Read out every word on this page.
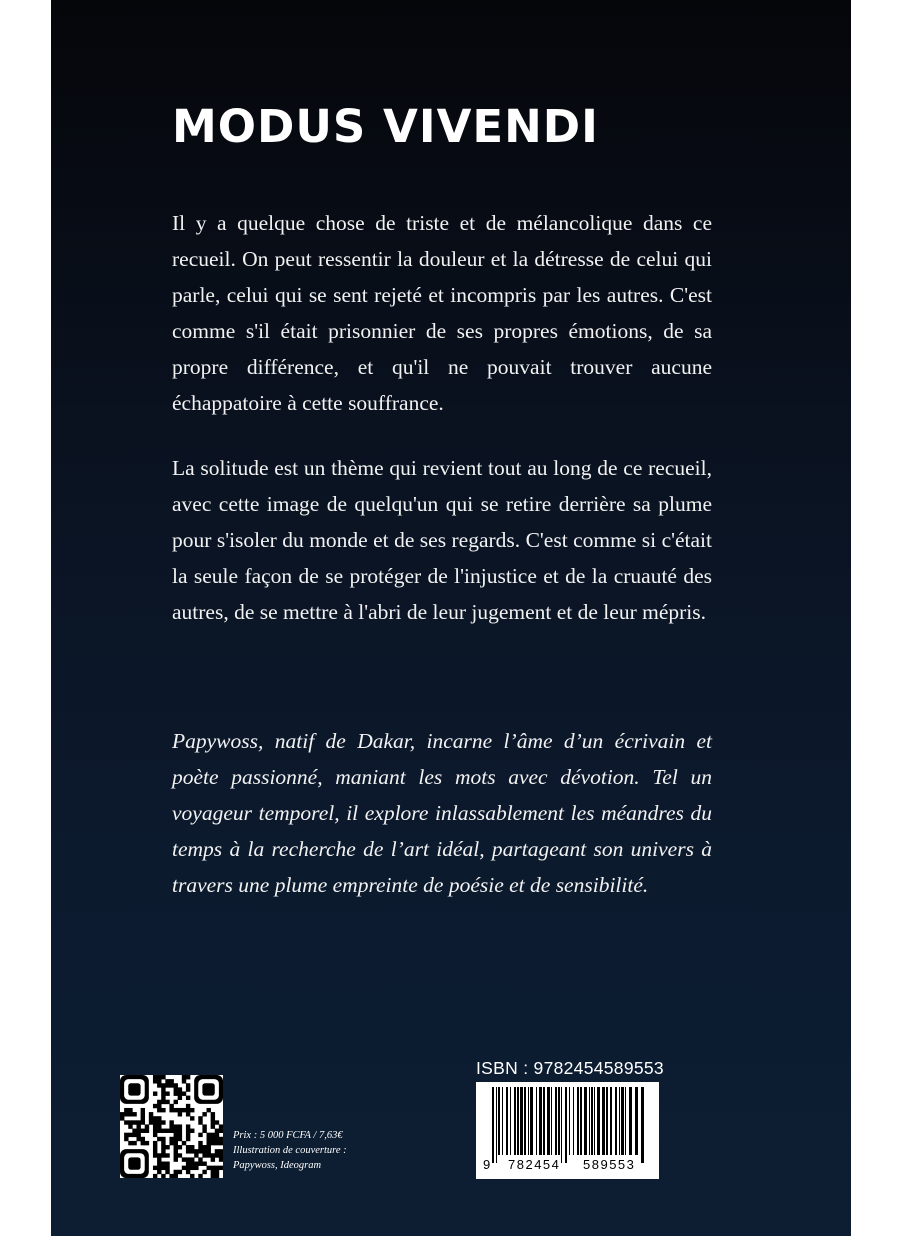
MODUS VIVENDI

Il y a quelque chose de triste et de mélancolique dans ce recueil. On peut ressentir la douleur et la détresse de celui qui parle, celui qui se sent rejeté et incompris par les autres. C'est comme s'il était prisonnier de ses propres émotions, de sa propre différence, et qu'il ne pouvait trouver aucune échappatoire à cette souffrance.

La solitude est un thème qui revient tout au long de ce recueil, avec cette image de quelqu'un qui se retire derrière sa plume pour s'isoler du monde et de ses regards. C'est comme si c'était la seule façon de se protéger de l'injustice et de la cruauté des autres, de se mettre à l'abri de leur jugement et de leur mépris.

Papywoss, natif de Dakar, incarne l’âme d’un écrivain et poète passionné, maniant les mots avec dévotion. Tel un voyageur temporel, il explore inlassablement les méandres du temps à la recherche de l’art idéal, partageant son univers à travers une plume empreinte de poésie et de sensibilité.

Prix : 5 000 FCFA / 7,63€

Illustration de couverture :

Papywoss, Ideogram

ISBN : 9782454589553
9 782454 589553
